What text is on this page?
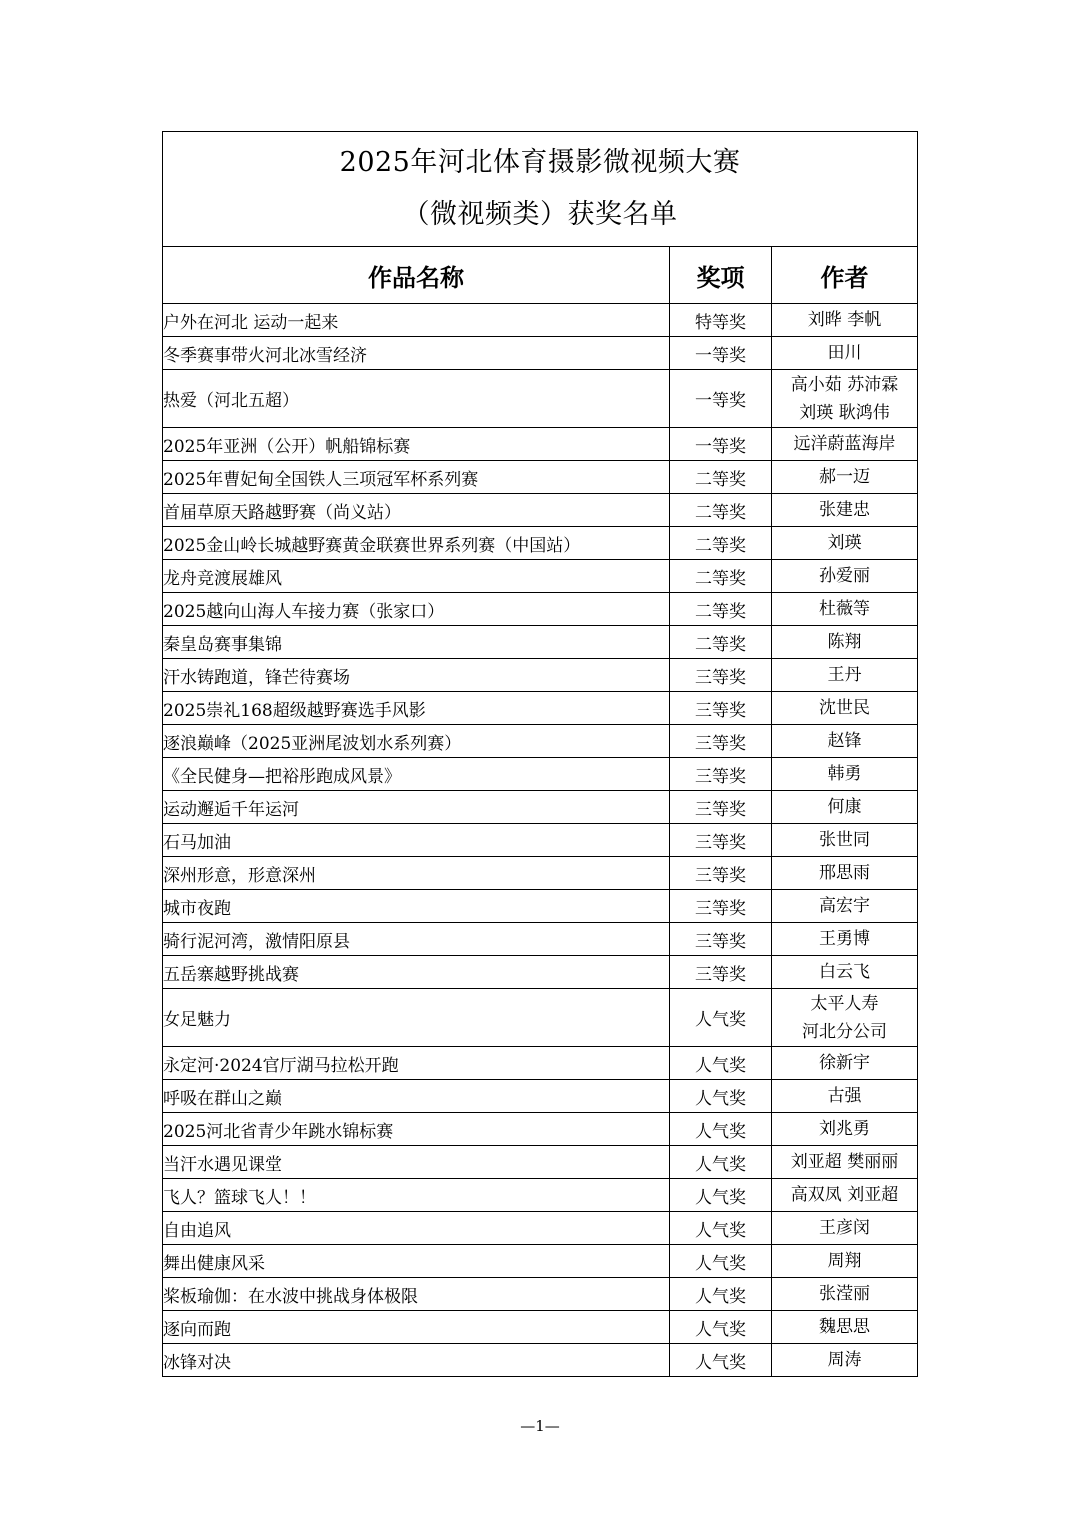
2025年河北体育摄影微视频大赛
（微视频类）获奖名单		

作品名称	奖项	作者
户外在河北 运动一起来	特等奖	刘晔 李帆

冬季赛事带火河北冰雪经济	一等奖	田川

热爱（河北五超）	一等奖	高小茹 苏沛霖
刘瑛 耿鸿伟

2025年亚洲（公开）帆船锦标赛	一等奖	远洋蔚蓝海岸

2025年曹妃甸全国铁人三项冠军杯系列赛	二等奖	郝一迈

首届草原天路越野赛（尚义站）	二等奖	张建忠

2025金山岭长城越野赛黄金联赛世界系列赛（中国站）	二等奖	刘瑛

龙舟竞渡展雄风	二等奖	孙爱丽

2025越向山海人车接力赛（张家口）	二等奖	杜薇等

秦皇岛赛事集锦	二等奖	陈翔

汗水铸跑道，锋芒待赛场	三等奖	王丹

2025崇礼168超级越野赛选手风影	三等奖	沈世民

逐浪巅峰（2025亚洲尾波划水系列赛）	三等奖	赵锋

《全民健身—把裕彤跑成风景》	三等奖	韩勇

运动邂逅千年运河	三等奖	何康

石马加油	三等奖	张世同

深州形意，形意深州	三等奖	邢思雨

城市夜跑	三等奖	高宏宇

骑行泥河湾，激情阳原县	三等奖	王勇博

五岳寨越野挑战赛	三等奖	白云飞

女足魅力	人气奖	太平人寿
河北分公司

永定河·2024官厅湖马拉松开跑	人气奖	徐新宇

呼吸在群山之巅	人气奖	古强

2025河北省青少年跳水锦标赛	人气奖	刘兆勇

当汗水遇见课堂	人气奖	刘亚超 樊丽丽

飞人？篮球飞人！！	人气奖	高双凤 刘亚超

自由追风	人气奖	王彦闵

舞出健康风采	人气奖	周翔

桨板瑜伽：在水波中挑战身体极限	人气奖	张滢丽

逐向而跑	人气奖	魏思思

冰锋对决	人气奖	周涛
—1—
